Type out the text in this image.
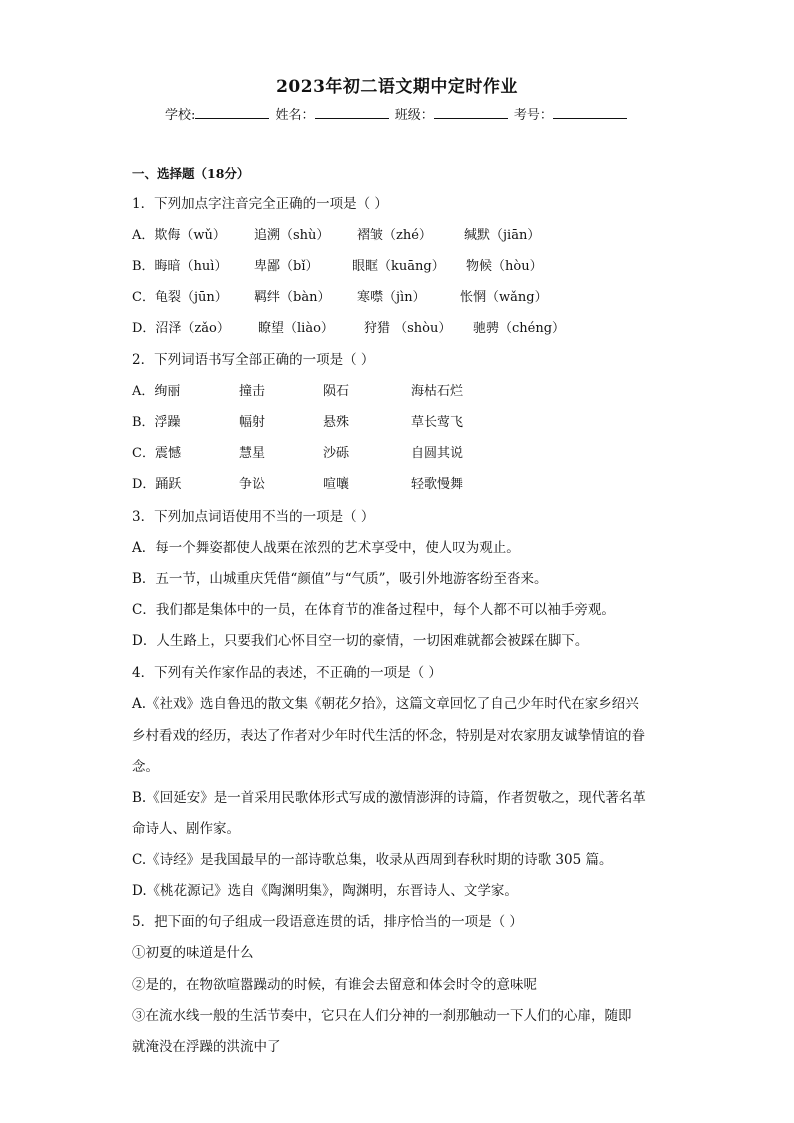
2023年初二语文期中定时作业
学校:	姓名：	班级：	考号：
一、选择题（18分）
1．下列加点字注音完全正确的一项是（ ）
A．欺侮（wǔ） 追溯（shù） 褶皱（zhé） 缄默（jiān）
B．晦暗（huì） 卑鄙（bǐ）	眼眶（kuāng） 物候（hòu）
C．龟裂（jūn） 羁绊（bàn） 寒噤（jìn）	怅惘（wǎng）
D．沼泽（zǎo） 瞭望（liào） 狩猎 （shòu） 驰骋（chéng）
2．下列词语书写全部正确的一项是（ ）
A．绚丽	撞击	陨石	海枯石烂
B．浮躁	幅射	悬殊	草长莺飞
C．震憾	慧星	沙砾	自圆其说
D．踊跃	争讼	喧嚷	轻歌慢舞
3．下列加点词语使用不当的一项是（ ）
A．每一个舞姿都使人战栗在浓烈的艺术享受中，使人叹为观止。
B．五一节，山城重庆凭借“颜值”与“气质”，吸引外地游客纷至沓来。
C．我们都是集体中的一员，在体育节的准备过程中，每个人都不可以袖手旁观。
D．人生路上，只要我们心怀目空一切的豪情，一切困难就都会被踩在脚下。
4．下列有关作家作品的表述，不正确的一项是（ ）
A.《社戏》选自鲁迅的散文集《朝花夕拾》，这篇文章回忆了自己少年时代在家乡绍兴
乡村看戏的经历，表达了作者对少年时代生活的怀念，特别是对农家朋友诚挚情谊的眷
念。
B.《回延安》是一首采用民歌体形式写成的激情澎湃的诗篇，作者贺敬之，现代著名革
命诗人、剧作家。
C.《诗经》是我国最早的一部诗歌总集，收录从西周到春秋时期的诗歌 305 篇。
D.《桃花源记》选自《陶渊明集》，陶渊明，东晋诗人、文学家。
5．把下面的句子组成一段语意连贯的话，排序恰当的一项是（ ）
①初夏的味道是什么
②是的，在物欲喧嚣躁动的时候，有谁会去留意和体会时令的意味呢
③在流水线一般的生活节奏中，它只在人们分神的一刹那触动一下人们的心扉，随即
就淹没在浮躁的洪流中了
